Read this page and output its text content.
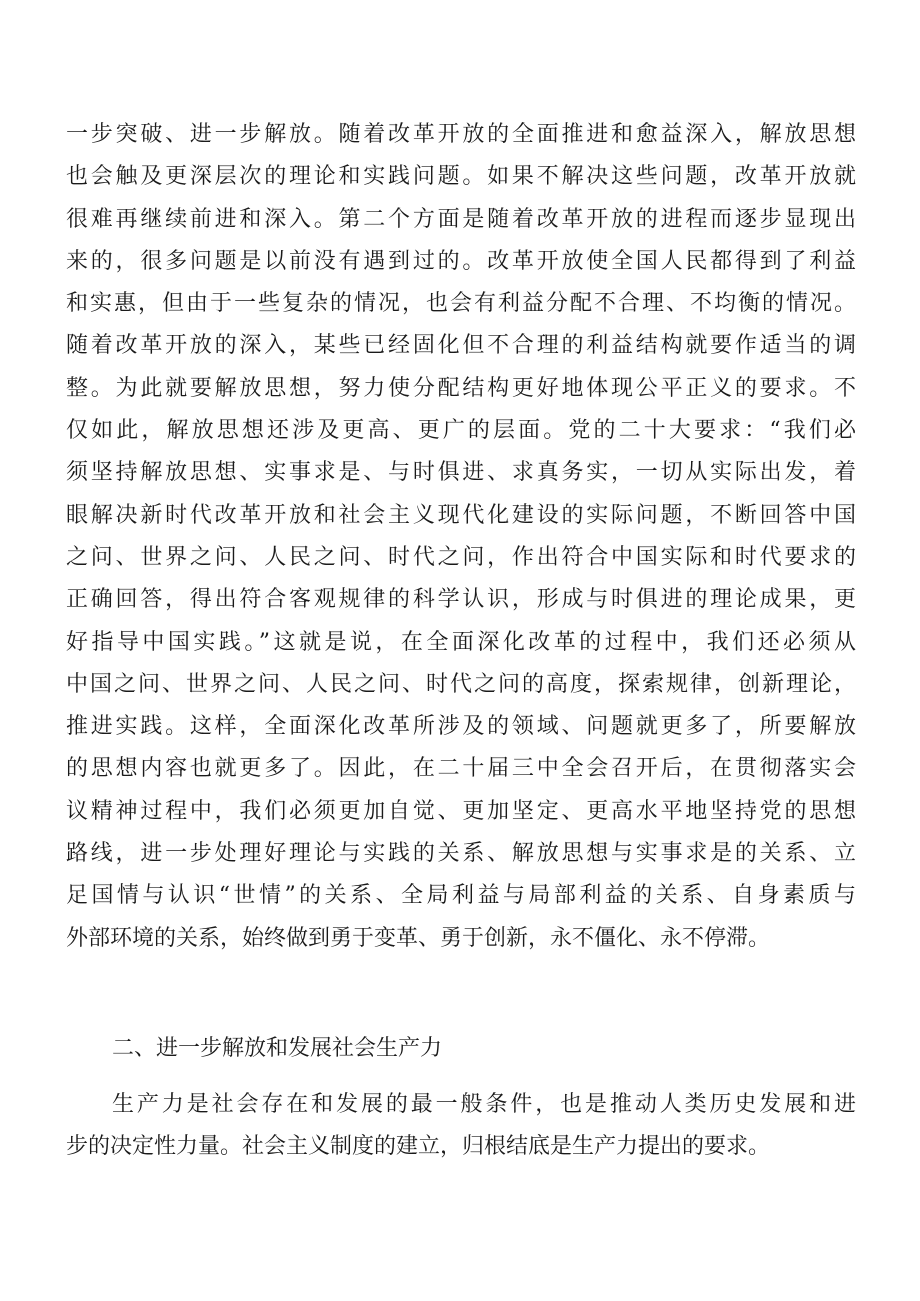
一步突破、进一步解放。随着改革开放的全面推进和愈益深入，解放思想
也会触及更深层次的理论和实践问题。如果不解决这些问题，改革开放就
很难再继续前进和深入。第二个方面是随着改革开放的进程而逐步显现出
来的，很多问题是以前没有遇到过的。改革开放使全国人民都得到了利益
和实惠，但由于一些复杂的情况，也会有利益分配不合理、不均衡的情况。
随着改革开放的深入，某些已经固化但不合理的利益结构就要作适当的调
整。为此就要解放思想，努力使分配结构更好地体现公平正义的要求。不
仅如此，解放思想还涉及更高、更广的层面。党的二十大要求：“我们必
须坚持解放思想、实事求是、与时俱进、求真务实，一切从实际出发，着
眼解决新时代改革开放和社会主义现代化建设的实际问题，不断回答中国
之问、世界之问、人民之问、时代之问，作出符合中国实际和时代要求的
正确回答，得出符合客观规律的科学认识，形成与时俱进的理论成果，更
好指导中国实践。”这就是说，在全面深化改革的过程中，我们还必须从
中国之问、世界之问、人民之问、时代之问的高度，探索规律，创新理论，
推进实践。这样，全面深化改革所涉及的领域、问题就更多了，所要解放
的思想内容也就更多了。因此，在二十届三中全会召开后，在贯彻落实会
议精神过程中，我们必须更加自觉、更加坚定、更高水平地坚持党的思想
路线，进一步处理好理论与实践的关系、解放思想与实事求是的关系、立
足国情与认识“世情”的关系、全局利益与局部利益的关系、自身素质与
外部环境的关系，始终做到勇于变革、勇于创新，永不僵化、永不停滞。
二、进一步解放和发展社会生产力
生产力是社会存在和发展的最一般条件，也是推动人类历史发展和进
步的决定性力量。社会主义制度的建立，归根结底是生产力提出的要求。
